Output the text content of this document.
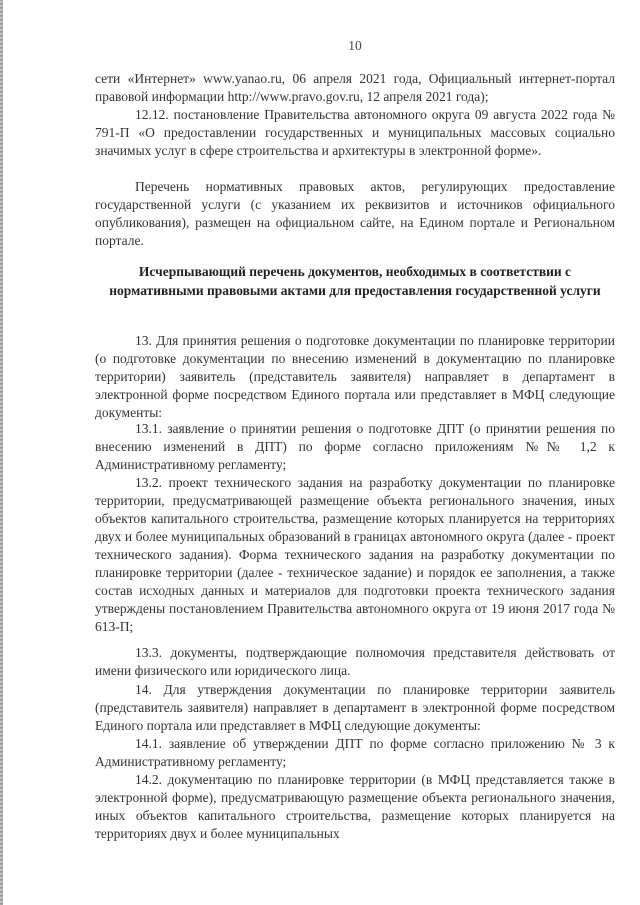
10
сети «Интернет» www.yanao.ru, 06 апреля 2021 года, Официальный интернет-портал правовой информации http://www.pravo.gov.ru, 12 апреля 2021 года);
12.12. постановление Правительства автономного округа 09 августа 2022 года № 791-П «О предоставлении государственных и муниципальных массовых социально значимых услуг в сфере строительства и архитектуры в электронной форме».
Перечень нормативных правовых актов, регулирующих предоставление государственной услуги (с указанием их реквизитов и источников официального опубликования), размещен на официальном сайте, на Едином портале и Региональном портале.
Исчерпывающий перечень документов, необходимых в соответствии с нормативными правовыми актами для предоставления государственной услуги
13. Для принятия решения о подготовке документации по планировке территории (о подготовке документации по внесению изменений в документацию по планировке территории) заявитель (представитель заявителя) направляет в департамент в электронной форме посредством Единого портала или представляет в МФЦ следующие документы:
13.1. заявление о принятии решения о подготовке ДПТ (о принятии решения по внесению изменений в ДПТ) по форме согласно приложениям №№ 1,2 к Административному регламенту;
13.2. проект технического задания на разработку документации по планировке территории, предусматривающей размещение объекта регионального значения, иных объектов капитального строительства, размещение которых планируется на территориях двух и более муниципальных образований в границах автономного округа (далее - проект технического задания). Форма технического задания на разработку документации по планировке территории (далее - техническое задание) и порядок ее заполнения, а также состав исходных данных и материалов для подготовки проекта технического задания утверждены постановлением Правительства автономного округа от 19 июня 2017 года № 613-П;
13.3. документы, подтверждающие полномочия представителя действовать от имени физического или юридического лица.
14. Для утверждения документации по планировке территории заявитель (представитель заявителя) направляет в департамент в электронной форме посредством Единого портала или представляет в МФЦ следующие документы:
14.1. заявление об утверждении ДПТ по форме согласно приложению № 3 к Административному регламенту;
14.2. документацию по планировке территории (в МФЦ представляется также в электронной форме), предусматривающую размещение объекта регионального значения, иных объектов капитального строительства, размещение которых планируется на территориях двух и более муниципальных
